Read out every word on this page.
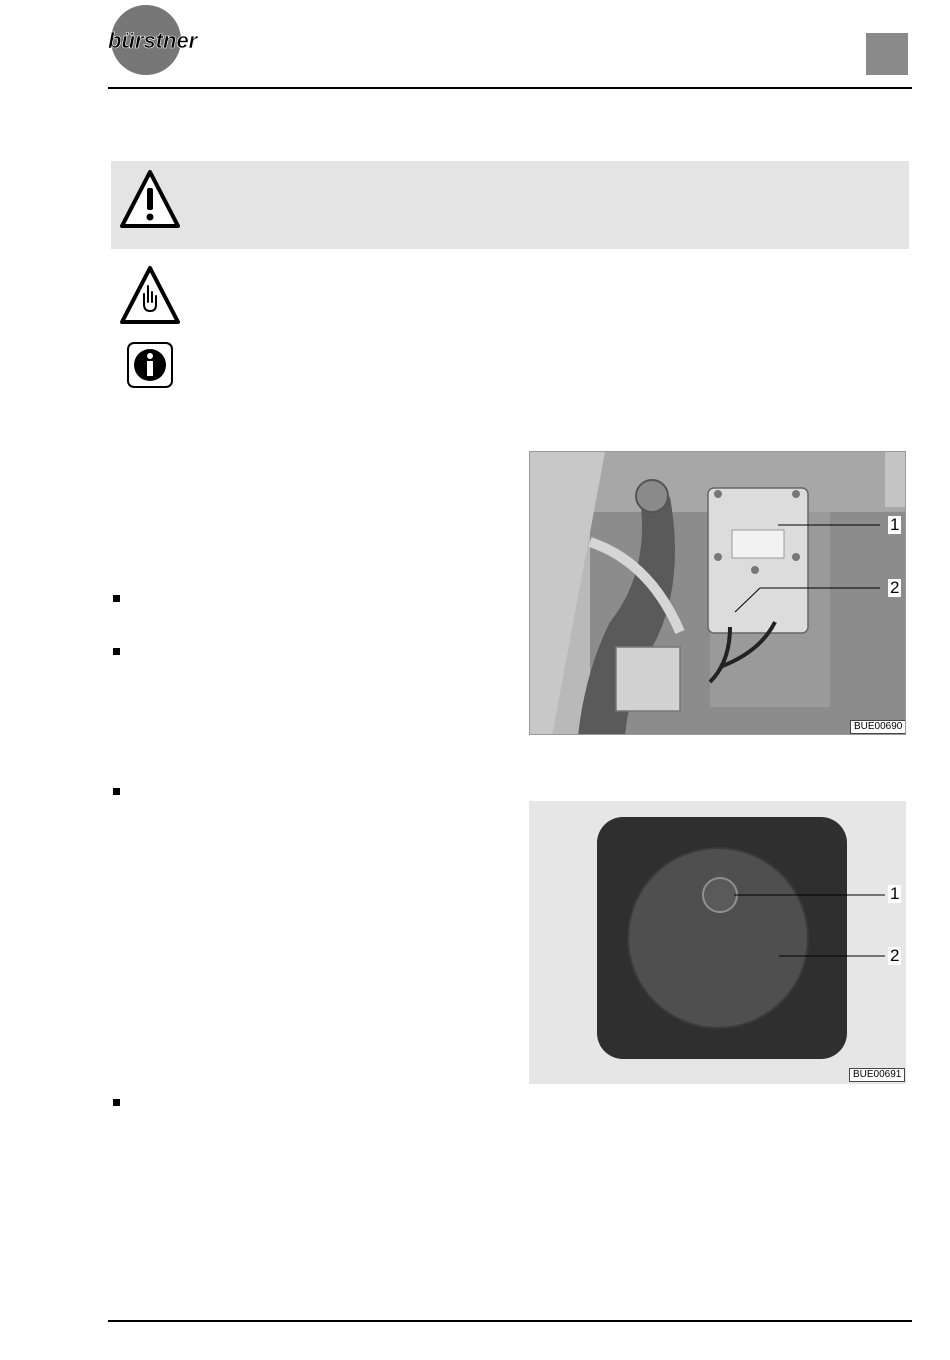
bürstner
1
2
BUE00690
1
2
BUE00691
